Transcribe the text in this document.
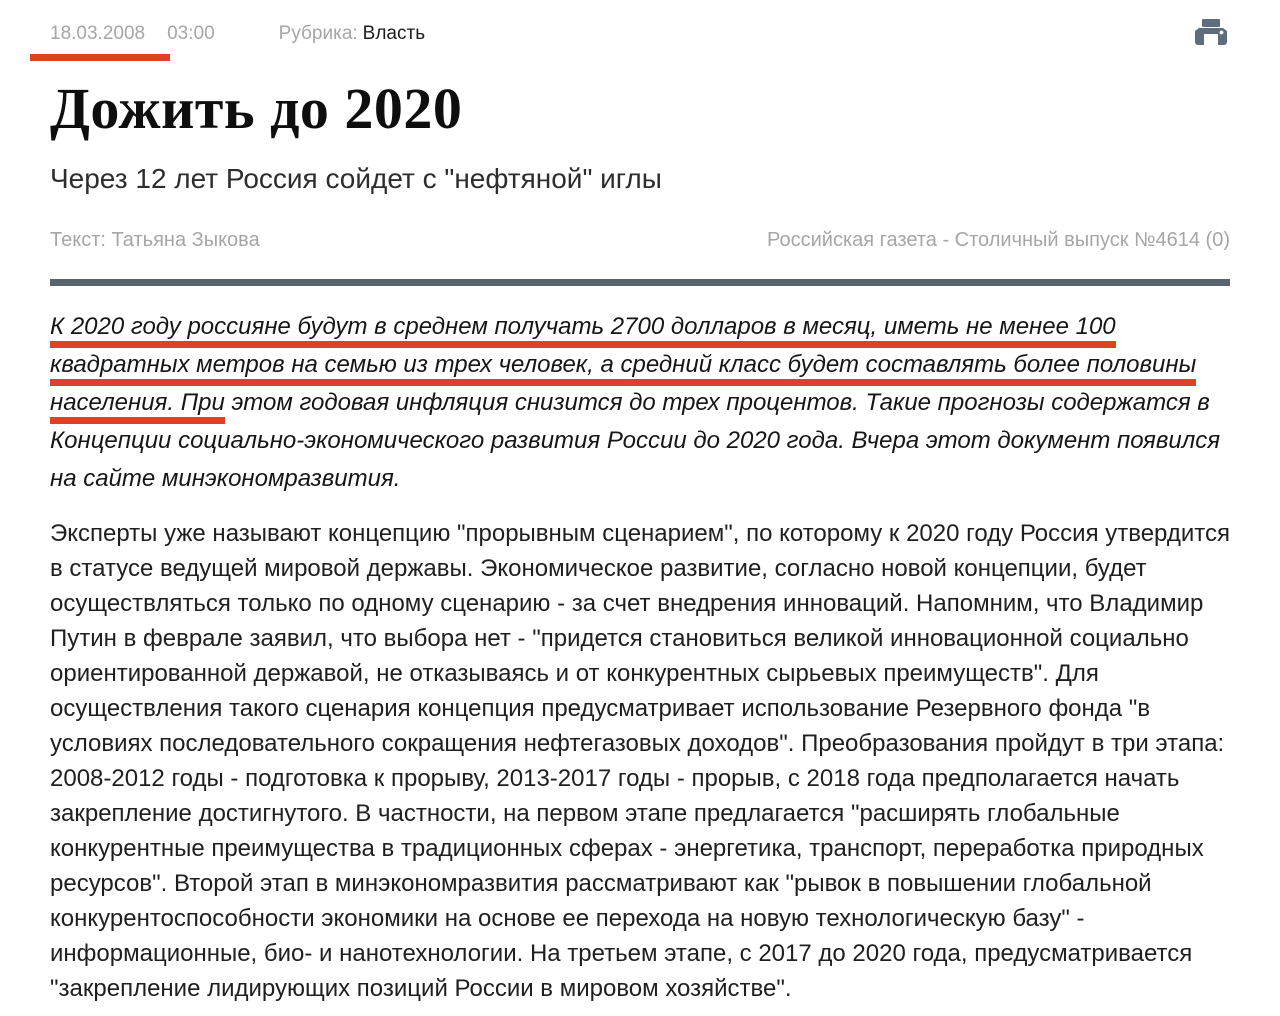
18.03.2008 03:00	Рубрика: Власть
Дожить до 2020
Через 12 лет Россия сойдет с "нефтяной" иглы
Текст: Татьяна Зыкова	Российская газета - Столичный выпуск №4614 (0)

К 2020 году россияне будут в среднем получать 2700 долларов в месяц, иметь не менее 100 квадратных метров на семью из трех человек, а средний класс будет составлять более половины населения. При этом годовая инфляция снизится до трех процентов. Такие прогнозы содержатся в Концепции социально-экономического развития России до 2020 года. Вчера этот документ появился на сайте минэкономразвития.

Эксперты уже называют концепцию "прорывным сценарием", по которому к 2020 году Россия утвердится в статусе ведущей мировой державы. Экономическое развитие, согласно новой концепции, будет осуществляться только по одному сценарию - за счет внедрения инноваций. Напомним, что Владимир Путин в феврале заявил, что выбора нет - "придется становиться великой инновационной социально ориентированной державой, не отказываясь и от конкурентных сырьевых преимуществ". Для осуществления такого сценария концепция предусматривает использование Резервного фонда "в условиях последовательного сокращения нефтегазовых доходов". Преобразования пройдут в три этапа: 2008-2012 годы - подготовка к прорыву, 2013-2017 годы - прорыв, с 2018 года предполагается начать закрепление достигнутого. В частности, на первом этапе предлагается "расширять глобальные конкурентные преимущества в традиционных сферах - энергетика, транспорт, переработка природных ресурсов". Второй этап в минэкономразвития рассматривают как "рывок в повышении глобальной конкурентоспособности экономики на основе ее перехода на новую технологическую базу" - информационные, био- и нанотехнологии. На третьем этапе, с 2017 до 2020 года, предусматривается "закрепление лидирующих позиций России в мировом хозяйстве".
